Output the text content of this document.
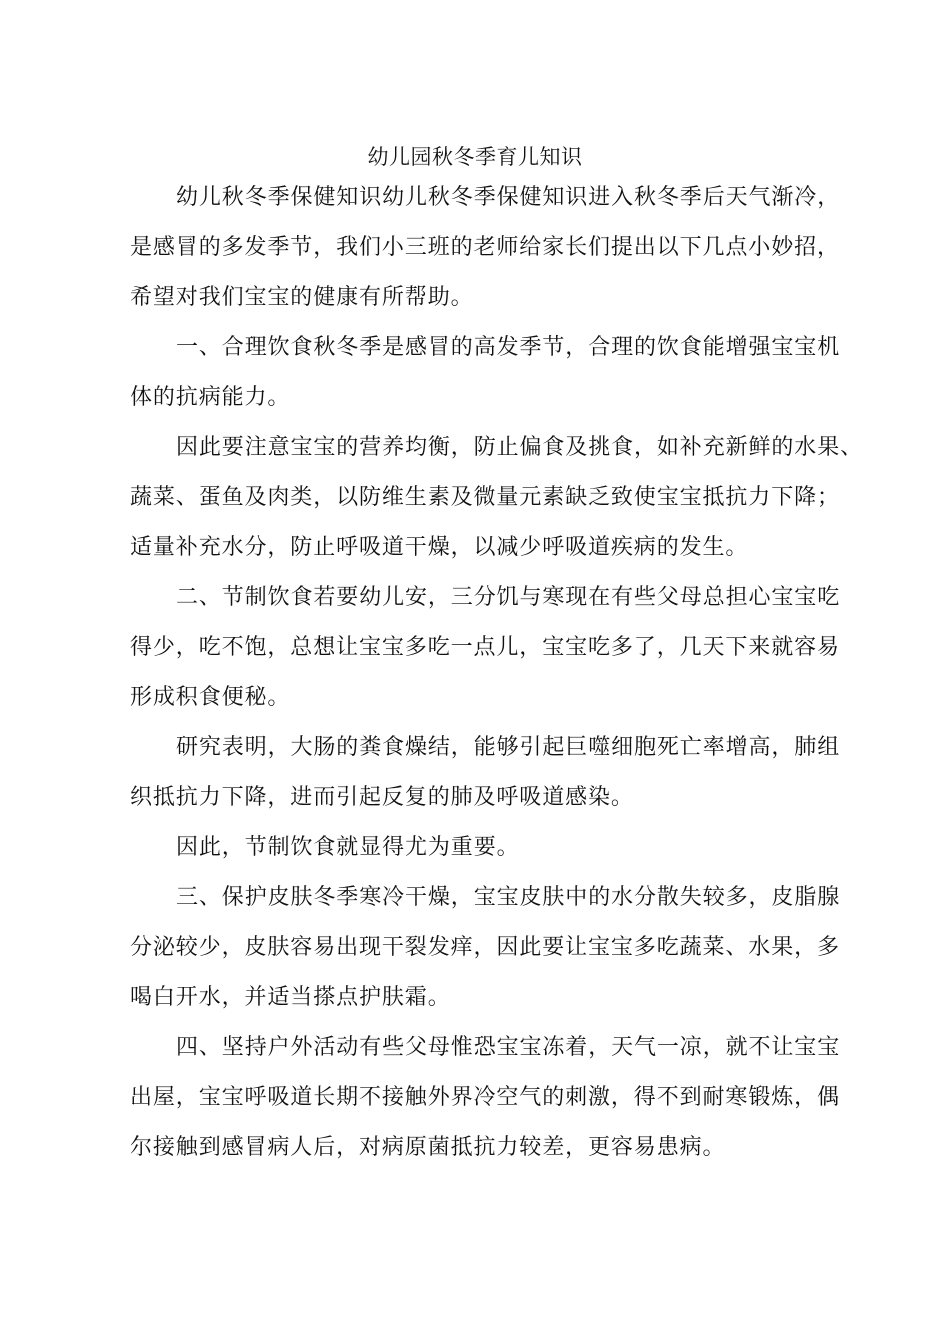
幼儿园秋冬季育儿知识
幼儿秋冬季保健知识幼儿秋冬季保健知识进入秋冬季后天气渐冷，
是感冒的多发季节，我们小三班的老师给家长们提出以下几点小妙招，
希望对我们宝宝的健康有所帮助。
一、合理饮食秋冬季是感冒的高发季节，合理的饮食能增强宝宝机
体的抗病能力。
因此要注意宝宝的营养均衡，防止偏食及挑食，如补充新鲜的水果、
蔬菜、蛋鱼及肉类，以防维生素及微量元素缺乏致使宝宝抵抗力下降；
适量补充水分，防止呼吸道干燥，以减少呼吸道疾病的发生。
二、节制饮食若要幼儿安，三分饥与寒现在有些父母总担心宝宝吃
得少，吃不饱，总想让宝宝多吃一点儿，宝宝吃多了，几天下来就容易
形成积食便秘。
研究表明，大肠的粪食燥结，能够引起巨噬细胞死亡率增高，肺组
织抵抗力下降，进而引起反复的肺及呼吸道感染。
因此，节制饮食就显得尤为重要。
三、保护皮肤冬季寒冷干燥，宝宝皮肤中的水分散失较多，皮脂腺
分泌较少，皮肤容易出现干裂发痒，因此要让宝宝多吃蔬菜、水果，多
喝白开水，并适当搽点护肤霜。
四、坚持户外活动有些父母惟恐宝宝冻着，天气一凉，就不让宝宝
出屋，宝宝呼吸道长期不接触外界冷空气的刺激，得不到耐寒锻炼，偶
尔接触到感冒病人后，对病原菌抵抗力较差，更容易患病。
